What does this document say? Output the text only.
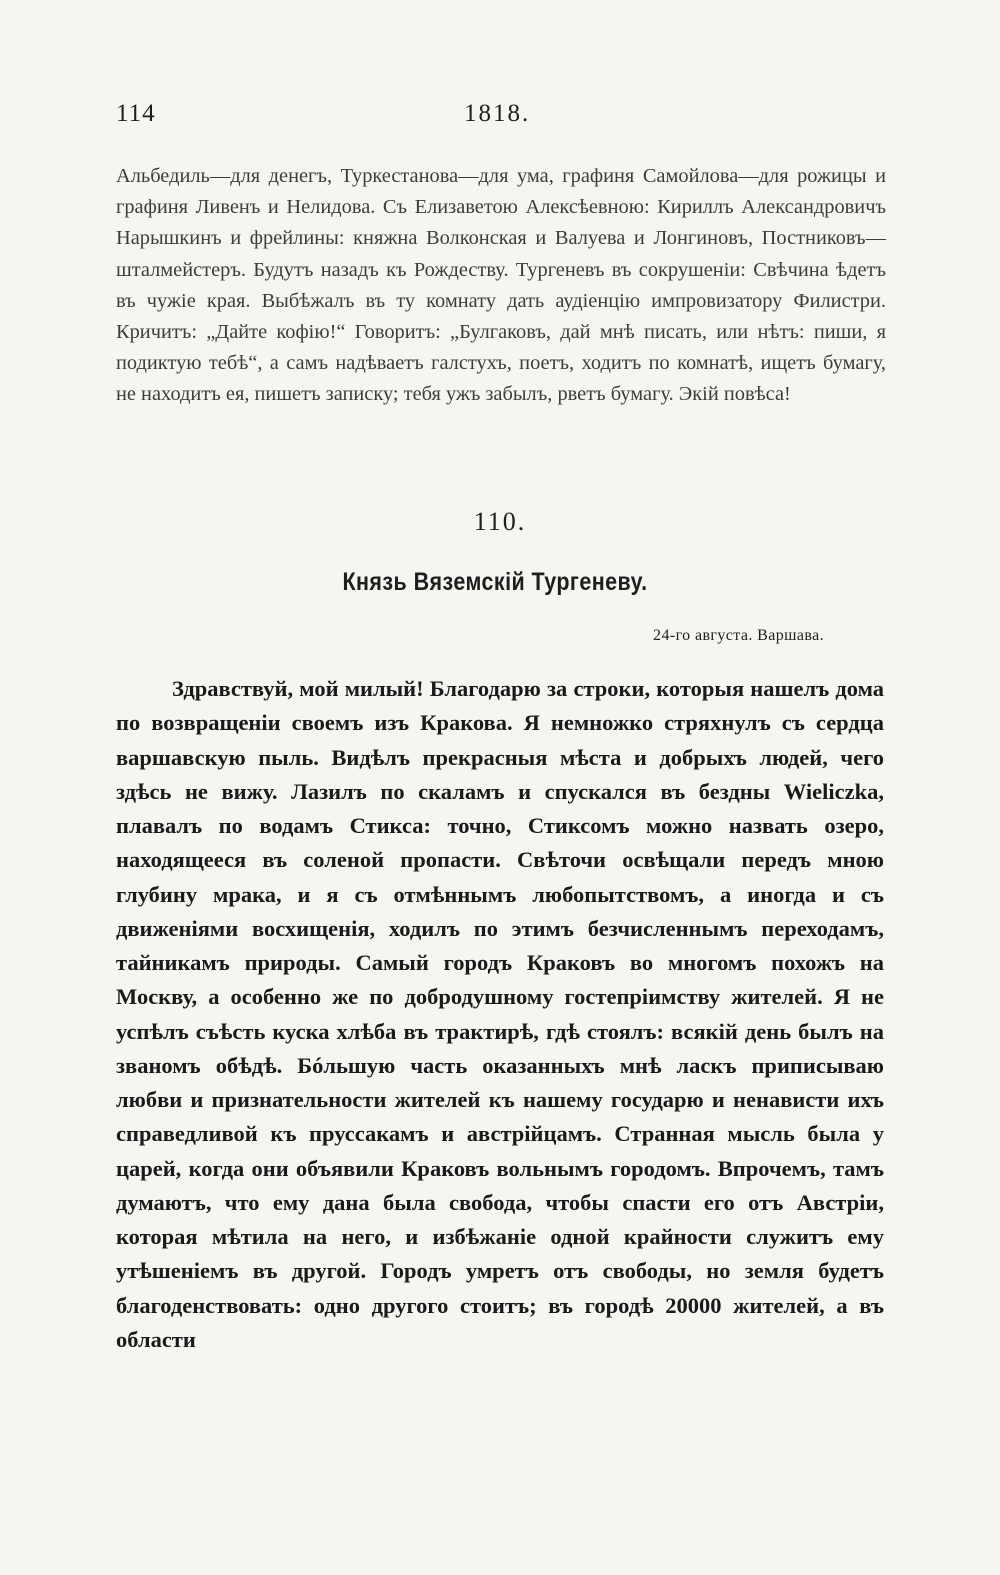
114	1818.

Альбедиль—для денегъ, Туркестанова—для ума, графиня Самойлова—для рожицы и графиня Ливенъ и Нелидова. Съ Елизаветою Алексѣевною: Кириллъ Александровичъ Нарышкинъ и фрейлины: княжна Волконская и Валуева и Лонгиновъ, Постниковъ—шталмейстеръ. Будутъ назадъ къ Рождеству. Тургеневъ въ сокрушеніи: Свѣчина ѣдетъ въ чужіе края. Выбѣжалъ въ ту комнату дать аудіенцію импровизатору Филистри. Кричитъ: „Дайте кофію!“ Говоритъ: „Булгаковъ, дай мнѣ писать, или нѣтъ: пиши, я подиктую тебѣ“, а самъ надѣваетъ галстухъ, поетъ, ходитъ по комнатѣ, ищетъ бумагу, не находитъ ея, пишетъ записку; тебя ужъ забылъ, рветъ бумагу. Экій повѣса!

110.
Князь Вяземскій Тургеневу.
24-го августа. Варшава.

Здравствуй, мой милый! Благодарю за строки, которыя нашелъ дома по возвращеніи своемъ изъ Кракова. Я немножко стряхнулъ съ сердца варшавскую пыль. Видѣлъ прекрасныя мѣста и добрыхъ людей, чего здѣсь не вижу. Лазилъ по скаламъ и спускался въ бездны Wieliczka, плавалъ по водамъ Стикса: точно, Стиксомъ можно назвать озеро, находящееся въ соленой пропасти. Свѣточи освѣщали передъ мною глубину мрака, и я съ отмѣннымъ любопытствомъ, а иногда и съ движеніями восхищенія, ходилъ по этимъ безчисленнымъ переходамъ, тайникамъ природы. Самый городъ Краковъ во многомъ похожъ на Москву, а особенно же по добродушному гостепріимству жителей. Я не успѣлъ съѣсть куска хлѣба въ трактирѣ, гдѣ стоялъ: всякій день былъ на званомъ обѣдѣ. Бóльшую часть оказанныхъ мнѣ ласкъ приписываю любви и признательности жителей къ нашему государю и ненависти ихъ справедливой къ пруссакамъ и австрійцамъ. Странная мысль была у царей, когда они объявили Краковъ вольнымъ городомъ. Впрочемъ, тамъ думаютъ, что ему дана была свобода, чтобы спасти его отъ Австріи, которая мѣтила на него, и избѣжаніе одной крайности служитъ ему утѣшеніемъ въ другой. Городъ умретъ отъ свободы, но земля будетъ благоденствовать: одно другого стоитъ; въ городѣ 20000 жителей, а въ области
